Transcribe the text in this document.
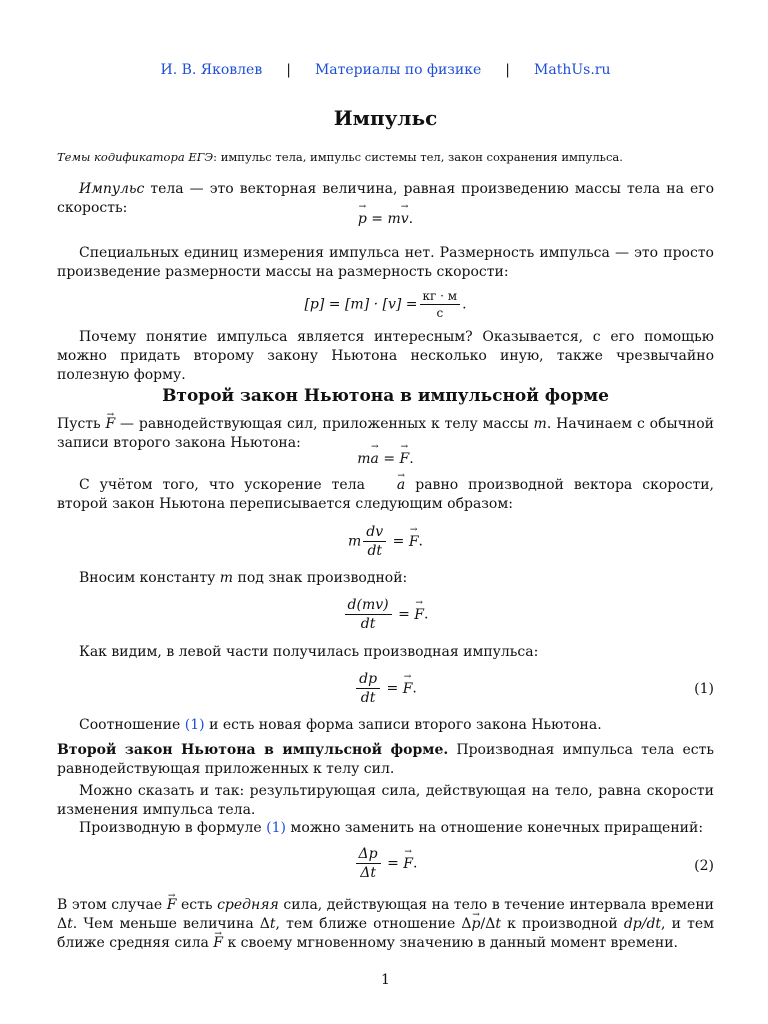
И. В. Яковлев | Материалы по физике | MathUs.ru
Импульс
Темы кодификатора ЕГЭ: импульс тела, импульс системы тел, закон сохранения импульса.
Импульс тела — это векторная величина, равная произведению массы тела на его скорость:
p → = mv →.
Специальных единиц измерения импульса нет. Размерность импульса — это просто произведение размерности массы на размерность скорости:
$[p] = [m] \cdot [v] = \frac{кг \cdot м}{с}$ .
Почему понятие импульса является интересным? Оказывается, с его помощью можно придать второму закону Ньютона несколько иную, также чрезвычайно полезную форму.
Второй закон Ньютона в импульсной форме
Пусть F → — равнодействующая сил, приложенных к телу массы m. Начинаем с обычной записи второго закона Ньютона:
ma → = F →.
С учётом того, что ускорение тела a → равно производной вектора скорости, второй закон Ньютона переписывается следующим образом:
m $\frac{dv}{dt} = F$ →.
Вносим константу m под знак производной:
$\frac{d(mv)}{dt} = F$ →.
Как видим, в левой части получилась производная импульса:
$\frac{dp}{dt} = F$ →.	(1)
Соотношение (1) и есть новая форма записи второго закона Ньютона.
Второй закон Ньютона в импульсной форме. Производная импульса тела есть равнодействующая приложенных к телу сил.
Можно сказать и так: результирующая сила, действующая на тело, равна скорости изменения импульса тела.
Производную в формуле (1) можно заменить на отношение конечных приращений:
$\frac{\Delta p}{\Delta t} = F$ →.	(2)
В этом случае F → есть средняя сила, действующая на тело в течение интервала времени Δt. Чем меньше величина Δt, тем ближе отношение Δp →/Δt к производной dp/dt, и тем ближе средняя сила F → к своему мгновенному значению в данный момент времени.
1
